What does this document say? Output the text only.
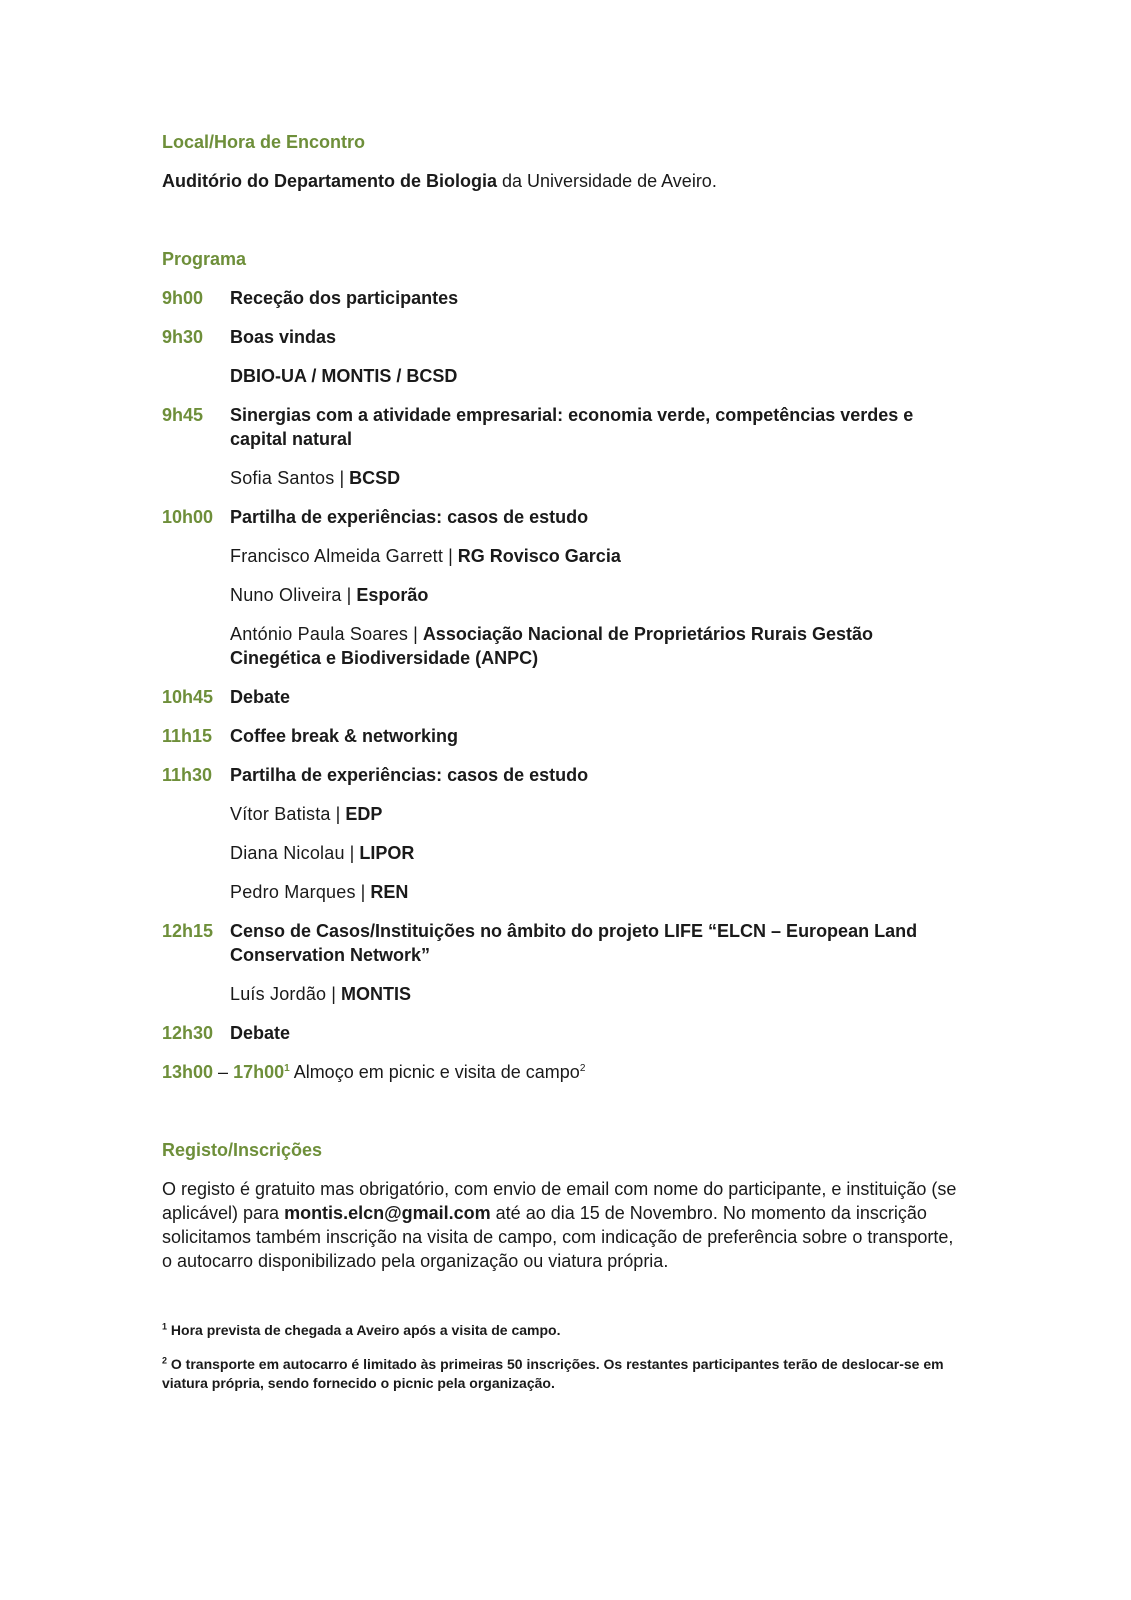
Local/Hora de Encontro

Auditório do Departamento de Biologia da Universidade de Aveiro.

Programa

9h00	Receção dos participantes
9h30	Boas vindas
DBIO-UA / MONTIS / BCSD
9h45	Sinergias com a atividade empresarial: economia verde, competências verdes e capital natural
Sofia Santos | BCSD
10h00 Partilha de experiências: casos de estudo
Francisco Almeida Garrett | RG Rovisco Garcia
Nuno Oliveira | Esporão
António Paula Soares | Associação Nacional de Proprietários Rurais Gestão Cinegética e Biodiversidade (ANPC)
10h45 Debate
11h15 Coffee break & networking
11h30 Partilha de experiências: casos de estudo
Vítor Batista | EDP
Diana Nicolau | LIPOR
Pedro Marques | REN
12h15 Censo de Casos/Instituições no âmbito do projeto LIFE “ELCN – European Land Conservation Network”
Luís Jordão | MONTIS
12h30 Debate
$13h00 - 17h00^1$ Almoço em picnic e visita de campo$^2$

Registo/Inscrições

O registo é gratuito mas obrigatório, com envio de email com nome do participante, e instituição (se aplicável) para montis.elcn@gmail.com até ao dia 15 de Novembro. No momento da inscrição solicitamos também inscrição na visita de campo, com indicação de preferência sobre o transporte, o autocarro disponibilizado pela organização ou viatura própria.

$^1$ Hora prevista de chegada a Aveiro após a visita de campo.

$^2$ O transporte em autocarro é limitado às primeiras 50 inscrições. Os restantes participantes terão de deslocar-se em viatura própria, sendo fornecido o picnic pela organização.
